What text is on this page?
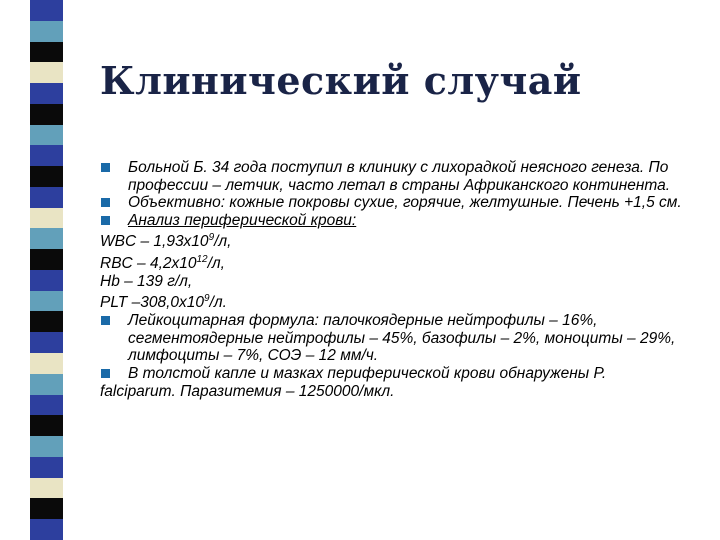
Клинический случай
Больной Б. 34 года поступил в клинику с лихорадкой неясного генеза. По профессии – летчик, часто летал в страны Африканского континента.
Объективно: кожные покровы сухие, горячие, желтушные. Печень +1,5 см.
Анализ периферической крови:
WBC – $1,93x10^9/л$,
RBC – $4,2x10^{12}/л$,
Hb – 139 г/л,
PLT $-308,0x10^9/л$.
Лейкоцитарная формула: палочкоядерные нейтрофилы – 16%, сегментоядерные нейтрофилы – 45%, базофилы – 2%, моноциты – 29%, лимфоциты – 7%, СОЭ – 12 мм/ч.
В толстой капле и мазках периферической крови обнаружены P.
falciparum. Паразитемия – 1250000/мкл.
